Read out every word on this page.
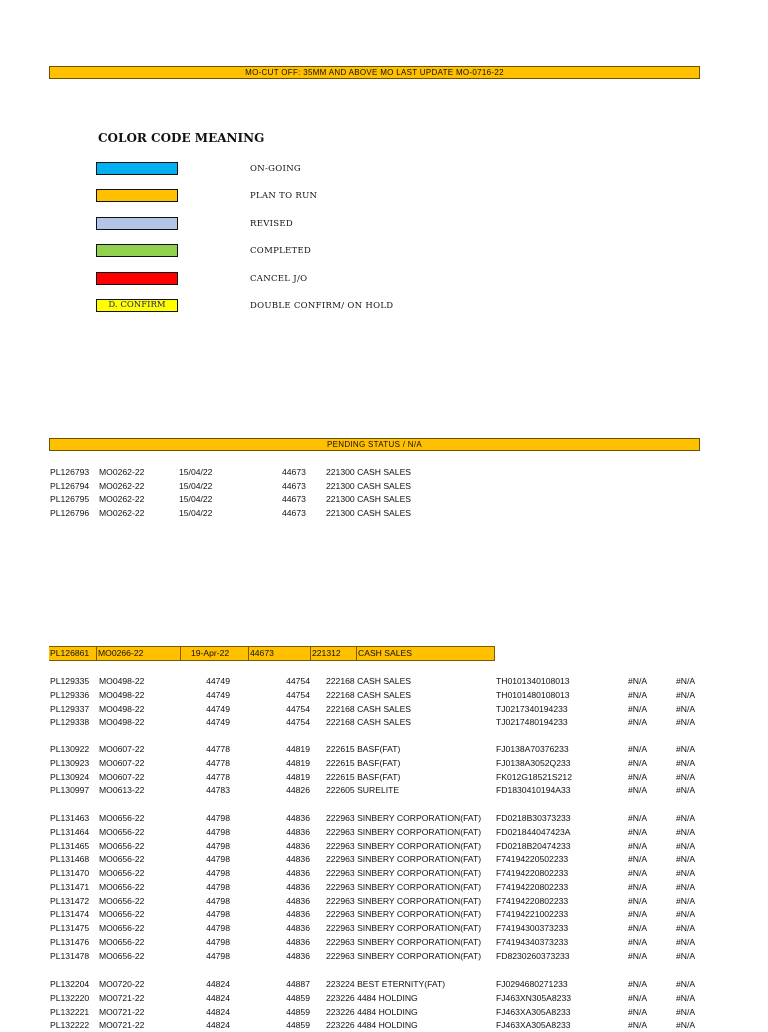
MO-CUT OFF: 35MM AND ABOVE MO LAST UPDATE MO-0716-22
COLOR CODE MEANING
ON-GOING
PLAN TO RUN
REVISED
COMPLETED
CANCEL J/O
D. CONFIRM	DOUBLE CONFIRM/ ON HOLD
PENDING STATUS / N/A
PL126793 MO0262-22	15/04/22	44673 221300 CASH SALES
PL126794 MO0262-22	15/04/22	44673 221300 CASH SALES
PL126795 MO0262-22	15/04/22	44673 221300 CASH SALES
PL126796 MO0262-22	15/04/22	44673 221300 CASH SALES
PL126861	MO0266-22	19-Apr-22	44673	221312	CASH SALES
PL129335 MO0498-22	44749	44754 222168 CASH SALES	TH0101340108013	#N/A	#N/A
PL129336 MO0498-22	44749	44754 222168 CASH SALES	TH0101480108013	#N/A	#N/A
PL129337 MO0498-22	44749	44754 222168 CASH SALES	TJ0217340194233	#N/A	#N/A
PL129338 MO0498-22	44749	44754 222168 CASH SALES	TJ0217480194233	#N/A	#N/A
PL130922 MO0607-22	44778	44819 222615 BASF(FAT)	FJ0138A70376233	#N/A	#N/A
PL130923 MO0607-22	44778	44819 222615 BASF(FAT)	FJ0138A3052Q233	#N/A	#N/A
PL130924 MO0607-22	44778	44819 222615 BASF(FAT)	FK012G18521S212	#N/A	#N/A
PL130997 MO0613-22	44783	44826 222605 SURELITE	FD1830410194A33	#N/A	#N/A
PL131463 MO0656-22	44798	44836 222963 SINBERY CORPORATION(FAT) FD0218B30373233	#N/A	#N/A
PL131464 MO0656-22	44798	44836 222963 SINBERY CORPORATION(FAT) FD021844047423A	#N/A	#N/A
PL131465 MO0656-22	44798	44836 222963 SINBERY CORPORATION(FAT) FD0218B20474233	#N/A	#N/A
PL131468 MO0656-22	44798	44836 222963 SINBERY CORPORATION(FAT) F74194220502233	#N/A	#N/A
PL131470 MO0656-22	44798	44836 222963 SINBERY CORPORATION(FAT) F74194220802233	#N/A	#N/A
PL131471 MO0656-22	44798	44836 222963 SINBERY CORPORATION(FAT) F74194220802233	#N/A	#N/A
PL131472 MO0656-22	44798	44836 222963 SINBERY CORPORATION(FAT) F74194220802233	#N/A	#N/A
PL131474 MO0656-22	44798	44836 222963 SINBERY CORPORATION(FAT) F74194221002233	#N/A	#N/A
PL131475 MO0656-22	44798	44836 222963 SINBERY CORPORATION(FAT) F74194300373233	#N/A	#N/A
PL131476 MO0656-22	44798	44836 222963 SINBERY CORPORATION(FAT) F74194340373233	#N/A	#N/A
PL131478 MO0656-22	44798	44836 222963 SINBERY CORPORATION(FAT) FD8230260373233	#N/A	#N/A
PL132204 MO0720-22	44824	44887 223224 BEST ETERNITY(FAT)	FJ0294680271233	#N/A	#N/A
PL132220 MO0721-22	44824	44859 223226 4484 HOLDING	FJ463XN305A8233	#N/A	#N/A
PL132221 MO0721-22	44824	44859 223226 4484 HOLDING	FJ463XA305A8233	#N/A	#N/A
PL132222 MO0721-22	44824	44859 223226 4484 HOLDING	FJ463XA305A8233	#N/A	#N/A
